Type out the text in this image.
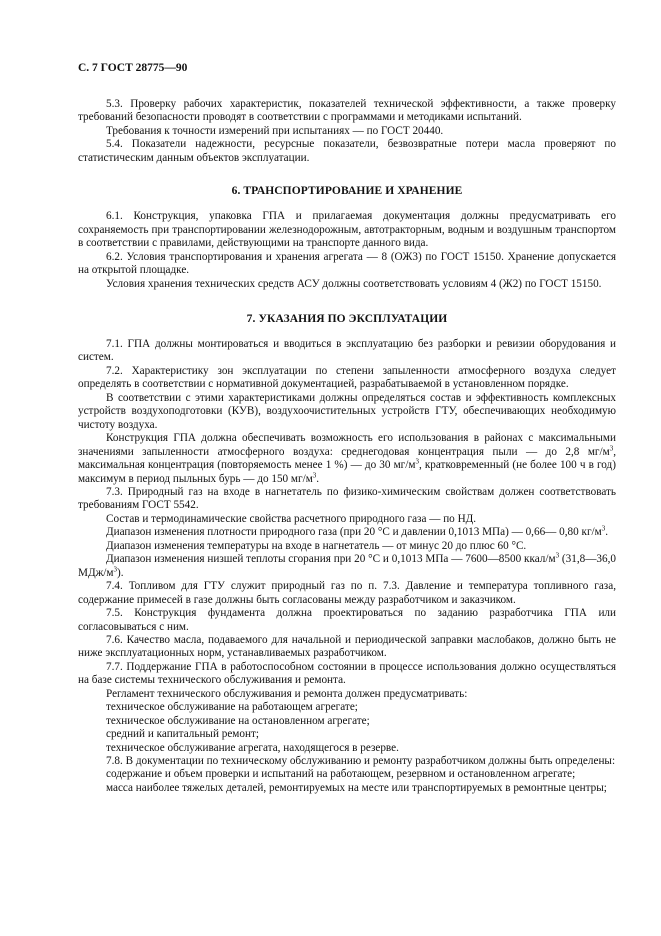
С. 7 ГОСТ 28775—90

5.3. Проверку рабочих характеристик, показателей технической эффективности, а также проверку требований безопасности проводят в соответствии с программами и методиками испытаний.

Требования к точности измерений при испытаниях — по ГОСТ 20440.

5.4. Показатели надежности, ресурсные показатели, безвозвратные потери масла проверяют по статистическим данным объектов эксплуатации.

6. ТРАНСПОРТИРОВАНИЕ И ХРАНЕНИЕ

6.1. Конструкция, упаковка ГПА и прилагаемая документация должны предусматривать его сохраняемость при транспортировании железнодорожным, автотракторным, водным и воздушным транспортом в соответствии с правилами, действующими на транспорте данного вида.

6.2. Условия транспортирования и хранения агрегата — 8 (ОЖ3) по ГОСТ 15150. Хранение допускается на открытой площадке.

Условия хранения технических средств АСУ должны соответствовать условиям 4 (Ж2) по ГОСТ 15150.

7. УКАЗАНИЯ ПО ЭКСПЛУАТАЦИИ

7.1. ГПА должны монтироваться и вводиться в эксплуатацию без разборки и ревизии оборудования и систем.

7.2. Характеристику зон эксплуатации по степени запыленности атмосферного воздуха следует определять в соответствии с нормативной документацией, разрабатываемой в установленном порядке.

В соответствии с этими характеристиками должны определяться состав и эффективность комплексных устройств воздухоподготовки (КУВ), воздухоочистительных устройств ГТУ, обеспечивающих необходимую чистоту воздуха.

Конструкция ГПА должна обеспечивать возможность его использования в районах с максимальными значениями запыленности атмосферного воздуха: среднегодовая концентрация пыли — до 2,8 $мг/м^3$, максимальная концентрация (повторяемость менее 1 %) — до 30 $мг/м^3$, кратковременный (не более 100 ч в год) максимум в период пыльных бурь — до 150 $мг/м^3$.

7.3. Природный газ на входе в нагнетатель по физико-химическим свойствам должен соответствовать требованиям ГОСТ 5542.

Состав и термодинамические свойства расчетного природного газа — по НД.

Диапазон изменения плотности природного газа (при 20 °С и давлении 0,1013 МПа) — 0,66— 0,80 $кг/м^3$.

Диапазон изменения температуры на входе в нагнетатель — от минус 20 до плюс 60 °С.

Диапазон изменения низшей теплоты сгорания при 20 °С и 0,1013 МПа — 7600—8500 ккал/$м^3$ (31,8—36,0 МДж/$м^3$).

7.4. Топливом для ГТУ служит природный газ по п. 7.3. Давление и температура топливного газа, содержание примесей в газе должны быть согласованы между разработчиком и заказчиком.

7.5. Конструкция фундамента должна проектироваться по заданию разработчика ГПА или согласовываться с ним.

7.6. Качество масла, подаваемого для начальной и периодической заправки маслобаков, должно быть не ниже эксплуатационных норм, устанавливаемых разработчиком.

7.7. Поддержание ГПА в работоспособном состоянии в процессе использования должно осуществляться на базе системы технического обслуживания и ремонта.

Регламент технического обслуживания и ремонта должен предусматривать:

техническое обслуживание на работающем агрегате;

техническое обслуживание на остановленном агрегате;

средний и капитальный ремонт;

техническое обслуживание агрегата, находящегося в резерве.

7.8. В документации по техническому обслуживанию и ремонту разработчиком должны быть определены:

содержание и объем проверки и испытаний на работающем, резервном и остановленном агрегате;

масса наиболее тяжелых деталей, ремонтируемых на месте или транспортируемых в ремонтные центры;
